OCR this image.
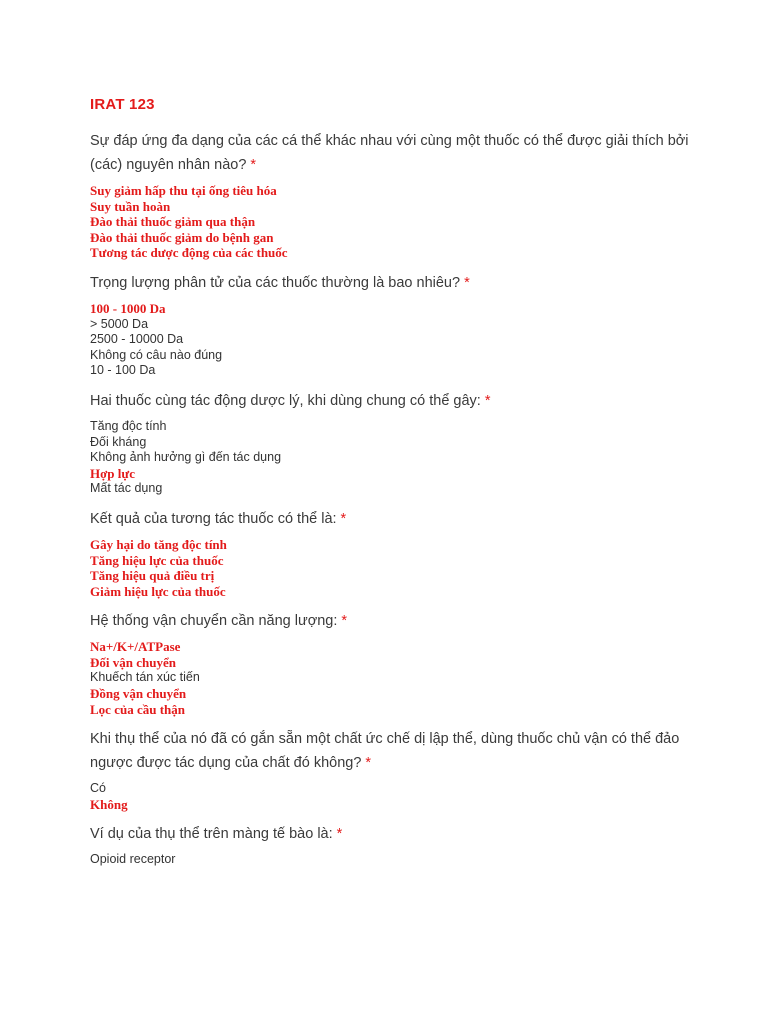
IRAT 123

Sự đáp ứng đa dạng của các cá thể khác nhau với cùng một thuốc có thể được giải thích bởi (các) nguyên nhân nào? *

Suy giảm hấp thu tại ống tiêu hóa
Suy tuần hoàn
Đào thải thuốc giảm qua thận
Đào thải thuốc giảm do bệnh gan
Tương tác dược động của các thuốc

Trọng lượng phân tử của các thuốc thường là bao nhiêu? *

100 - 1000 Da
> 5000 Da
2500 - 10000 Da
Không có câu nào đúng
10 - 100 Da

Hai thuốc cùng tác động dược lý, khi dùng chung có thể gây: *

Tăng độc tính
Đối kháng
Không ảnh hưởng gì đến tác dụng
Hợp lực
Mất tác dụng

Kết quả của tương tác thuốc có thể là: *

Gây hại do tăng độc tính
Tăng hiệu lực của thuốc
Tăng hiệu quả điều trị
Giảm hiệu lực của thuốc

Hệ thống vận chuyển cần năng lượng: *

Na+/K+/ATPase
Đối vận chuyển
Khuếch tán xúc tiến
Đồng vận chuyển
Lọc của cầu thận

Khi thụ thể của nó đã có gắn sẵn một chất ức chế dị lập thể, dùng thuốc chủ vận có thể đảo ngược được tác dụng của chất đó không? *

Có
Không

Ví dụ của thụ thể trên màng tế bào là: *

Opioid receptor
